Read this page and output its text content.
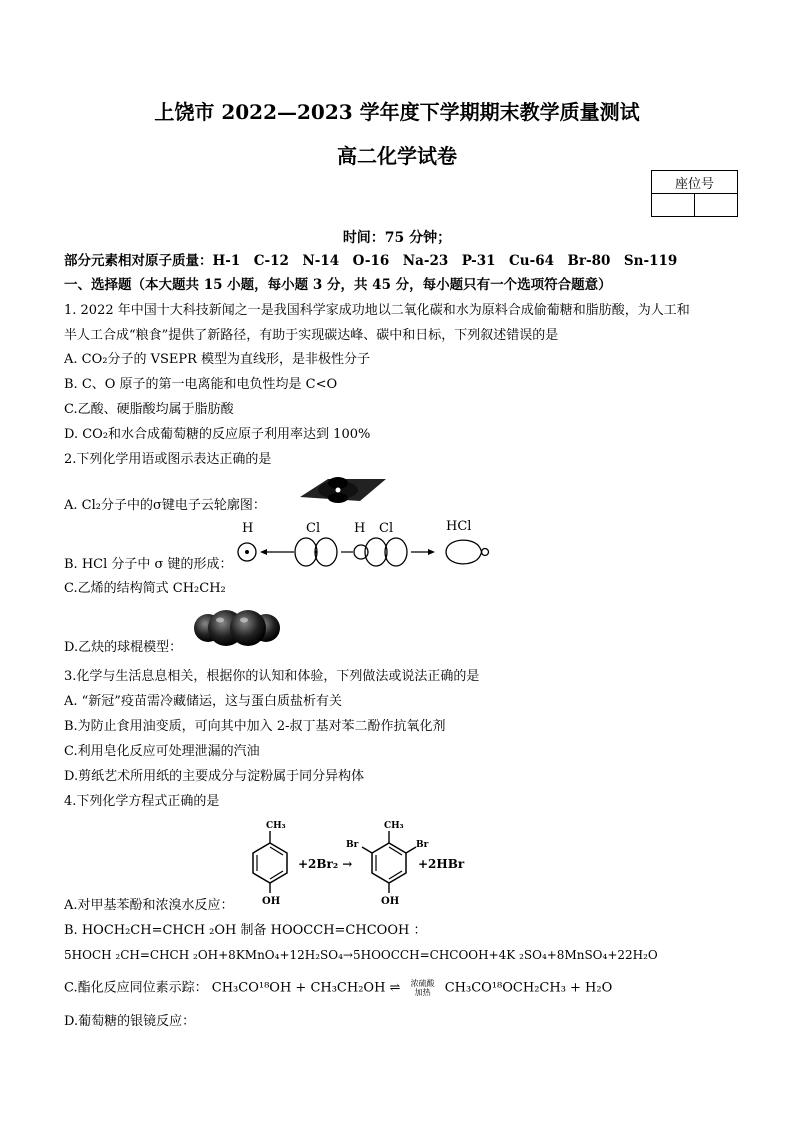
上饶市 2022—2023 学年度下学期期末教学质量测试
高二化学试卷
座位号

时间：75 分钟；
部分元素相对原子质量：H-1　C-12　N-14　O-16　Na-23　P-31　Cu-64　Br-80　Sn-119
一、选择题（本大题共 15 小题，每小题 3 分，共 45 分，每小题只有一个选项符合题意）
1. 2022 年中国十大科技新闻之一是我国科学家成功地以二氧化碳和水为原料合成偷葡糖和脂肪酸，为人工和
半人工合成“粮食”提供了新路径，有助于实现碳达峰、碳中和日标，下列叙述错误的是
A. CO₂分子的 VSEPR 模型为直线形，是非极性分子
B. C、O 原子的第一电离能和电负性均是 C<O
C.乙酸、硬脂酸均属于脂肪酸
D. CO₂和水合成葡萄糖的反应原子利用率达到 100%
2.下列化学用语或图示表达正确的是
A. Cl₂分子中的σ键电子云轮廓图：
H	Cl	H Cl	HCl
B. HCl 分子中 σ 键的形成：
C.乙烯的结构简式 CH₂CH₂
D.乙炔的球棍模型：
3.化学与生活息息相关，根据你的认知和体验，下列做法或说法正确的是
A. “新冠”疫苗需冷藏储运，这与蛋白质盐析有关
B.为防止食用油变质，可向其中加入 2-叔丁基对苯二酚作抗氧化剂
C.利用皂化反应可处理泄漏的汽油
D.剪纸艺术所用纸的主要成分与淀粉属于同分异构体
4.下列化学方程式正确的是
CH₃
OH
+2Br₂ →
CH₃
Br	Br
OH
+2HBr
A.对甲基苯酚和浓溴水反应：
B. HOCH₂CH=CHCH ₂OH 制备 HOOCCH=CHCOOH ：
5HOCH ₂CH=CHCH ₂OH+8KMnO₄+12H₂SO₄→5HOOCCH=CHCOOH+4K ₂SO₄+8MnSO₄+22H₂O
C.酯化反应同位素示踪： CH₃CO¹⁸OH + CH₃CH₂OH ⇌ 浓硫酸
加热	CH₃CO¹⁸OCH₂CH₃ + H₂O
D.葡萄糖的银镜反应：
